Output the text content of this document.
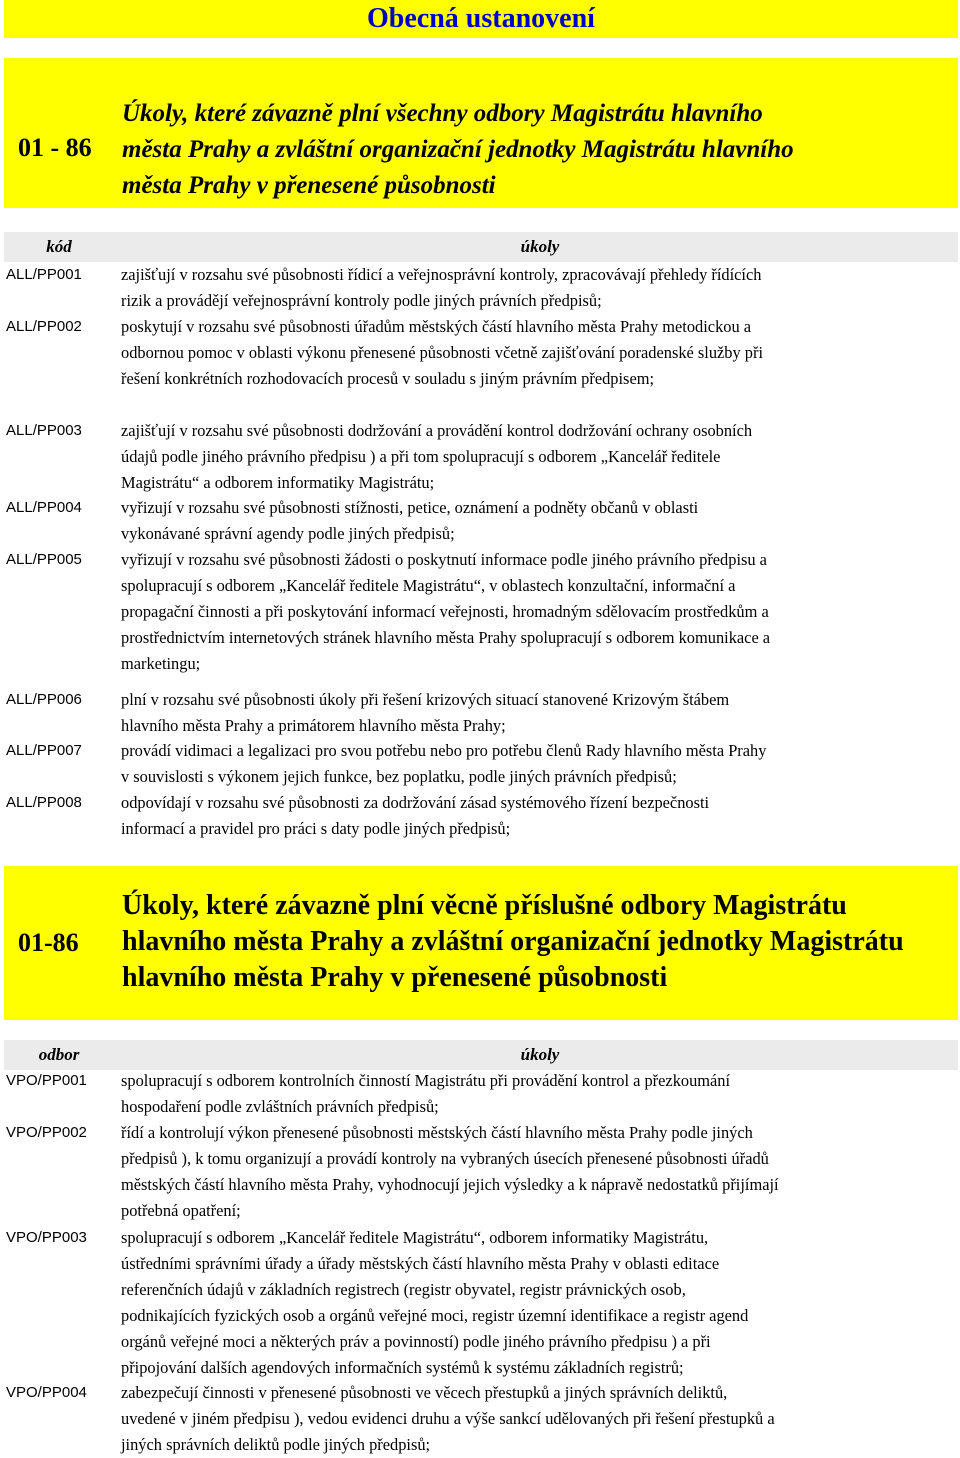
Obecná ustanovení
01 - 86
Úkoly, které závazně plní všechny odbory Magistrátu hlavního
města Prahy a zvláštní organizační jednotky Magistrátu hlavního
města Prahy v přenesené působnosti
kód	úkoly
ALL/PP001	zajišťují v rozsahu své působnosti řídicí a veřejnosprávní kontroly, zpracovávají přehledy řídících
rizik a provádějí veřejnosprávní kontroly podle jiných právních předpisů;
ALL/PP002	poskytují v rozsahu své působnosti úřadům městských částí hlavního města Prahy metodickou a
odbornou pomoc v oblasti výkonu přenesené působnosti včetně zajišťování poradenské služby při
řešení konkrétních rozhodovacích procesů v souladu s jiným právním předpisem;
ALL/PP003	zajišťují v rozsahu své působnosti dodržování a provádění kontrol dodržování ochrany osobních
údajů podle jiného právního předpisu ) a při tom spolupracují s odborem „Kancelář ředitele
Magistrátu“ a odborem informatiky Magistrátu;
ALL/PP004	vyřizují v rozsahu své působnosti stížnosti, petice, oznámení a podněty občanů v oblasti
vykonávané správní agendy podle jiných předpisů;
ALL/PP005	vyřizují v rozsahu své působnosti žádosti o poskytnutí informace podle jiného právního předpisu a
spolupracují s odborem „Kancelář ředitele Magistrátu“, v oblastech konzultační, informační a
propagační činnosti a při poskytování informací veřejnosti, hromadným sdělovacím prostředkům a
prostřednictvím internetových stránek hlavního města Prahy spolupracují s odborem komunikace a
marketingu;
ALL/PP006	plní v rozsahu své působnosti úkoly při řešení krizových situací stanovené Krizovým štábem
hlavního města Prahy a primátorem hlavního města Prahy;
ALL/PP007	provádí vidimaci a legalizaci pro svou potřebu nebo pro potřebu členů Rady hlavního města Prahy
v souvislosti s výkonem jejich funkce, bez poplatku, podle jiných právních předpisů;
ALL/PP008	odpovídají v rozsahu své působnosti za dodržování zásad systémového řízení bezpečnosti
informací a pravidel pro práci s daty podle jiných předpisů;
01-86
Úkoly, které závazně plní věcně příslušné odbory Magistrátu
hlavního města Prahy a zvláštní organizační jednotky Magistrátu
hlavního města Prahy v přenesené působnosti
odbor	úkoly
VPO/PP001	spolupracují s odborem kontrolních činností Magistrátu při provádění kontrol a přezkoumání
hospodaření podle zvláštních právních předpisů;
VPO/PP002	řídí a kontrolují výkon přenesené působnosti městských částí hlavního města Prahy podle jiných
předpisů ), k tomu organizují a provádí kontroly na vybraných úsecích přenesené působnosti úřadů
městských částí hlavního města Prahy, vyhodnocují jejich výsledky a k nápravě nedostatků přijímají
potřebná opatření;
VPO/PP003	spolupracují s odborem „Kancelář ředitele Magistrátu“, odborem informatiky Magistrátu,
ústředními správními úřady a úřady městských částí hlavního města Prahy v oblasti editace
referenčních údajů v základních registrech (registr obyvatel, registr právnických osob,
podnikajících fyzických osob a orgánů veřejné moci, registr územní identifikace a registr agend
orgánů veřejné moci a některých práv a povinností) podle jiného právního předpisu ) a při
připojování dalších agendových informačních systémů k systému základních registrů;
VPO/PP004	zabezpečují činnosti v přenesené působnosti ve věcech přestupků a jiných správních deliktů,
uvedené v jiném předpisu ), vedou evidenci druhu a výše sankcí udělovaných při řešení přestupků a
jiných správních deliktů podle jiných předpisů;
